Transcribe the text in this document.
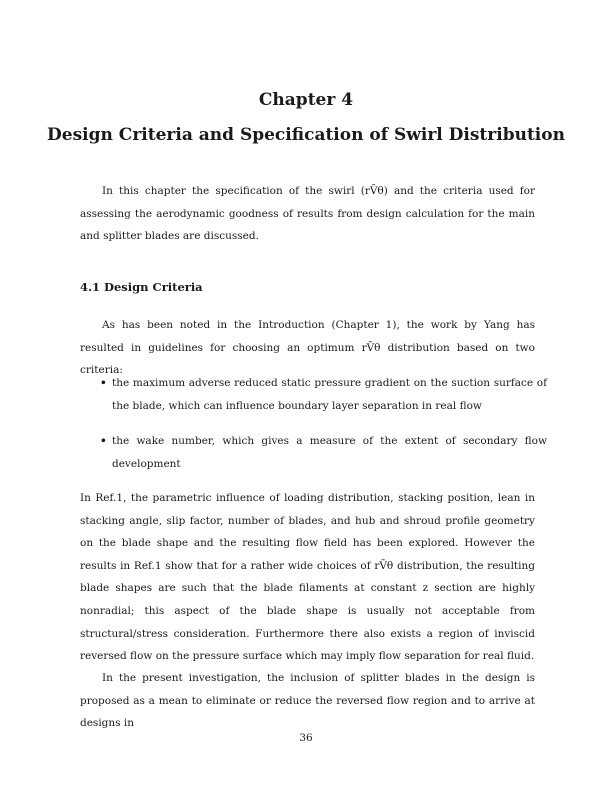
Chapter 4
Design Criteria and Specification of Swirl Distribution

In this chapter the specification of the swirl (rV̄θ) and the criteria used for assessing the aerodynamic goodness of results from design calculation for the main and splitter blades are discussed.

4.1 Design Criteria

As has been noted in the Introduction (Chapter 1), the work by Yang has resulted in guidelines for choosing an optimum rV̄θ distribution based on two criteria:

• the maximum adverse reduced static pressure gradient on the suction surface of the blade, which can influence boundary layer separation in real flow
• the wake number, which gives a measure of the extent of secondary flow development

In Ref.1, the parametric influence of loading distribution, stacking position, lean in stacking angle, slip factor, number of blades, and hub and shroud profile geometry on the blade shape and the resulting flow field has been explored. However the results in Ref.1 show that for a rather wide choices of rV̄θ distribution, the resulting blade shapes are such that the blade filaments at constant z section are highly nonradial; this aspect of the blade shape is usually not acceptable from structural/stress consideration. Furthermore there also exists a region of inviscid reversed flow on the pressure surface which may imply flow separation for real fluid.

In the present investigation, the inclusion of splitter blades in the design is proposed as a mean to eliminate or reduce the reversed flow region and to arrive at designs in

36
